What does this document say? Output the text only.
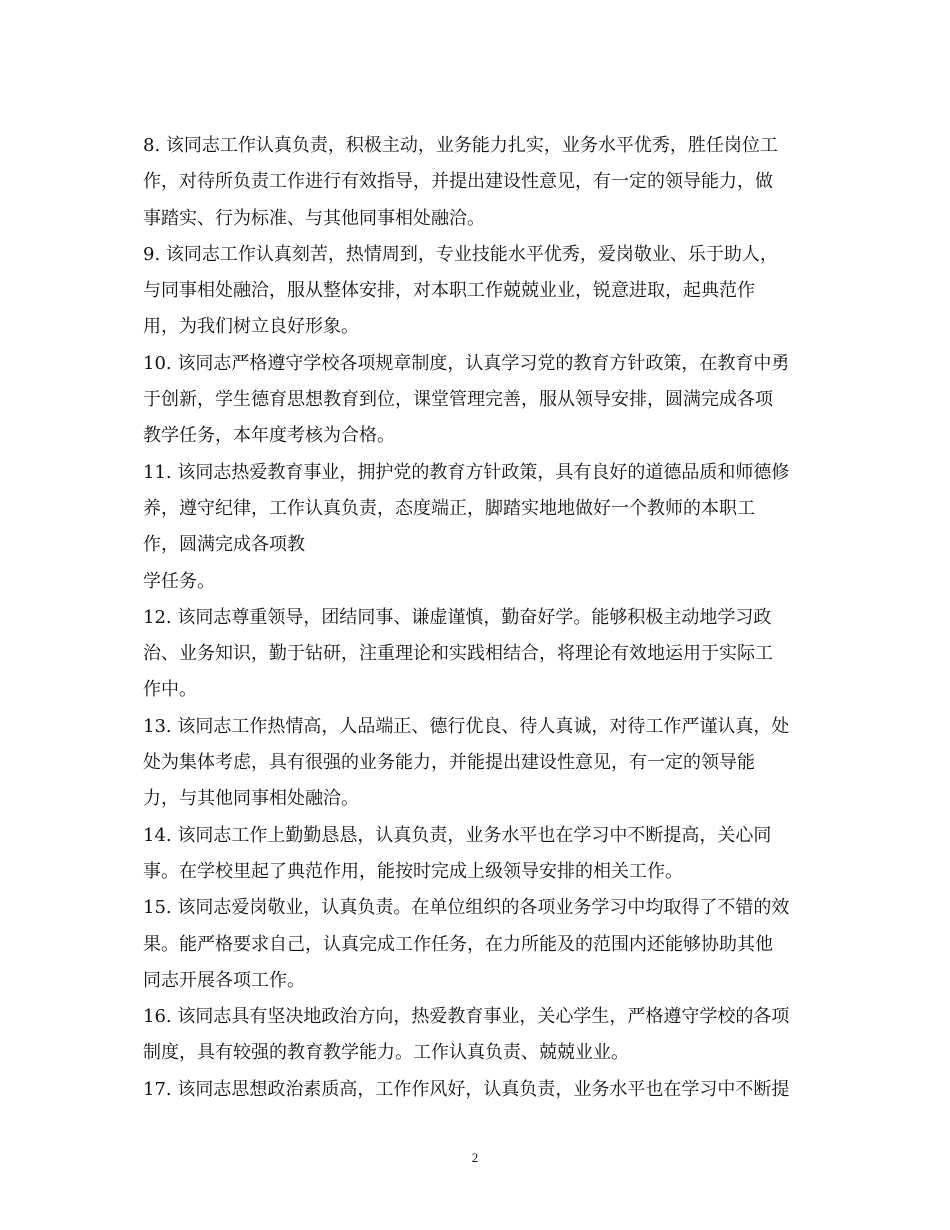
8. 该同志工作认真负责，积极主动，业务能力扎实，业务水平优秀，胜任岗位工
作，对待所负责工作进行有效指导，并提出建设性意见，有一定的领导能力，做
事踏实、行为标准、与其他同事相处融洽。
9. 该同志工作认真刻苦，热情周到，专业技能水平优秀，爱岗敬业、乐于助人，
与同事相处融洽，服从整体安排，对本职工作兢兢业业，锐意进取，起典范作
用，为我们树立良好形象。
10. 该同志严格遵守学校各项规章制度，认真学习党的教育方针政策，在教育中勇
于创新，学生德育思想教育到位，课堂管理完善，服从领导安排，圆满完成各项
教学任务，本年度考核为合格。
11. 该同志热爱教育事业，拥护党的教育方针政策，具有良好的道德品质和师德修
养，遵守纪律，工作认真负责，态度端正，脚踏实地地做好一个教师的本职工
作，圆满完成各项教
学任务。
12. 该同志尊重领导，团结同事、谦虚谨慎，勤奋好学。能够积极主动地学习政
治、业务知识，勤于钻研，注重理论和实践相结合，将理论有效地运用于实际工
作中。
13. 该同志工作热情高，人品端正、德行优良、待人真诚，对待工作严谨认真，处
处为集体考虑，具有很强的业务能力，并能提出建设性意见，有一定的领导能
力，与其他同事相处融洽。
14. 该同志工作上勤勤恳恳，认真负责，业务水平也在学习中不断提高，关心同
事。在学校里起了典范作用，能按时完成上级领导安排的相关工作。
15. 该同志爱岗敬业，认真负责。在单位组织的各项业务学习中均取得了不错的效
果。能严格要求自己，认真完成工作任务，在力所能及的范围内还能够协助其他
同志开展各项工作。
16. 该同志具有坚决地政治方向，热爱教育事业，关心学生，严格遵守学校的各项
制度，具有较强的教育教学能力。工作认真负责、兢兢业业。
17. 该同志思想政治素质高，工作作风好，认真负责，业务水平也在学习中不断提
2
